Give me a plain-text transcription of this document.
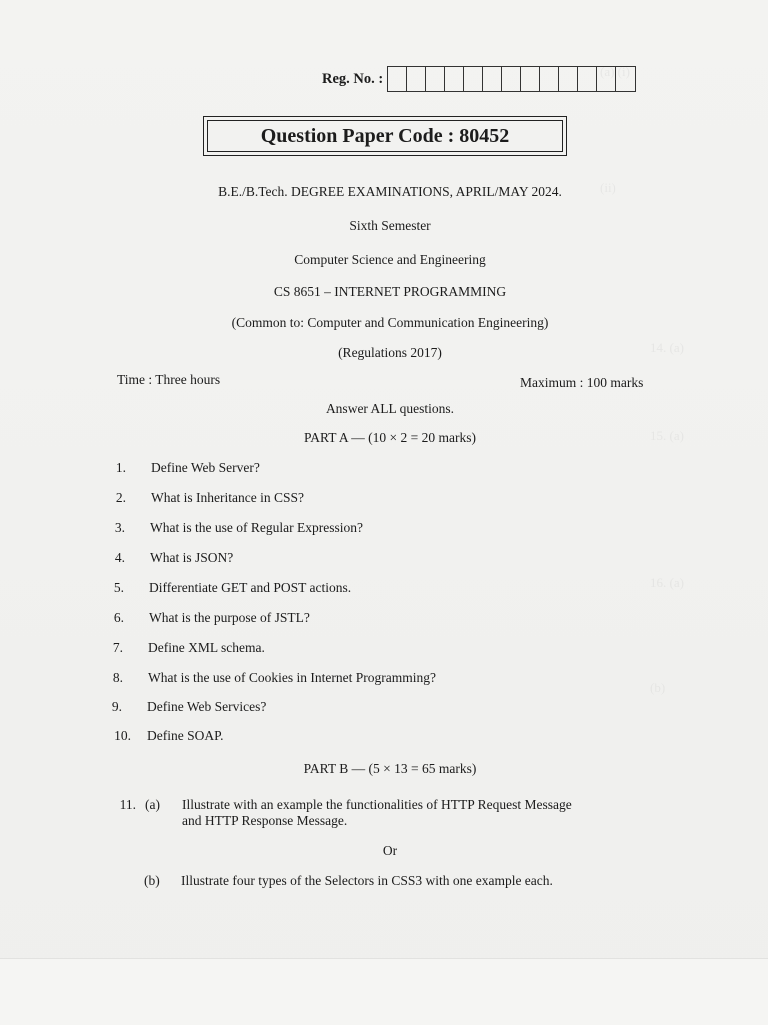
(a) (i)
(ii)
14. (a)
15. (a)
16. (a)
(b)
Reg. No. :
Question Paper Code : 80452
B.E./B.Tech. DEGREE EXAMINATIONS, APRIL/MAY 2024.
Sixth Semester
Computer Science and Engineering
CS 8651 – INTERNET PROGRAMMING
(Common to: Computer and Communication Engineering)
(Regulations 2017)
Time : Three hours	Maximum : 100 marks
Answer ALL questions.
PART A — (10 × 2 = 20 marks)
1. Define Web Server?
2. What is Inheritance in CSS?
3. What is the use of Regular Expression?
4. What is JSON?
5. Differentiate GET and POST actions.
6. What is the purpose of JSTL?
7. Define XML schema.
8. What is the use of Cookies in Internet Programming?
9. Define Web Services?
10. Define SOAP.
PART B — (5 × 13 = 65 marks)
11. (a) Illustrate with an example the functionalities of HTTP Request Message
and HTTP Response Message.
Or
(b) Illustrate four types of the Selectors in CSS3 with one example each.
